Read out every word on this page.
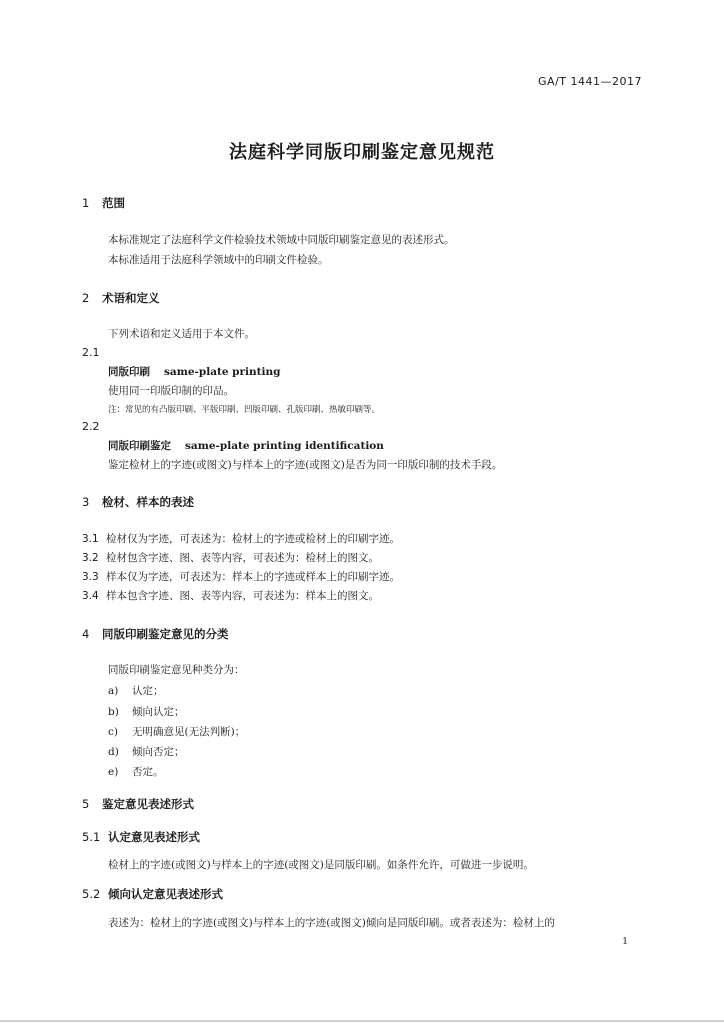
GA/T 1441—2017
法庭科学同版印刷鉴定意见规范
1 范围
本标准规定了法庭科学文件检验技术领域中同版印刷鉴定意见的表述形式。
本标准适用于法庭科学领域中的印刷文件检验。
2 术语和定义
下列术语和定义适用于本文件。
2.1
同版印刷 same-plate printing
使用同一印版印制的印品。
注：常见的有凸版印刷、平版印刷、凹版印刷、孔版印刷、热敏印刷等。
2.2
同版印刷鉴定 same-plate printing identification
鉴定检材上的字迹(或图文)与样本上的字迹(或图文)是否为同一印版印制的技术手段。
3 检材、样本的表述
3.1 检材仅为字迹，可表述为：检材上的字迹或检材上的印刷字迹。
3.2 检材包含字迹、图、表等内容，可表述为：检材上的图文。
3.3 样本仅为字迹，可表述为：样本上的字迹或样本上的印刷字迹。
3.4 样本包含字迹、图、表等内容，可表述为：样本上的图文。
4 同版印刷鉴定意见的分类
同版印刷鉴定意见种类分为：
a) 认定；
b) 倾向认定；
c) 无明确意见(无法判断)；
d) 倾向否定；
e) 否定。
5 鉴定意见表述形式
5.1 认定意见表述形式
检材上的字迹(或图文)与样本上的字迹(或图文)是同版印刷。如条件允许，可做进一步说明。
5.2 倾向认定意见表述形式
表述为：检材上的字迹(或图文)与样本上的字迹(或图文)倾向是同版印刷。或者表述为：检材上的
1
